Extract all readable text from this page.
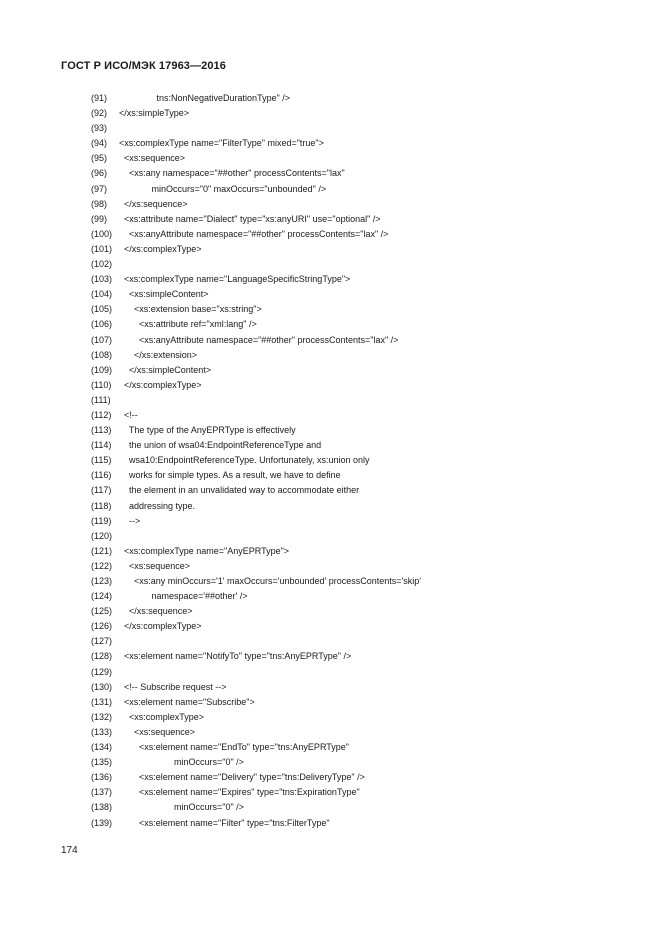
ГОСТ Р ИСО/МЭК 17963—2016
(91) tns:NonNegativeDurationType" />
(92) </xs:simpleType>
(93)
(94) <xs:complexType name="FilterType" mixed="true">
(95) <xs:sequence>
(96) <xs:any namespace="##other" processContents="lax"
(97) minOccurs="0" maxOccurs="unbounded" />
(98) </xs:sequence>
(99) <xs:attribute name="Dialect" type="xs:anyURI" use="optional" />
(100) <xs:anyAttribute namespace="##other" processContents="lax" />
(101) </xs:complexType>
(102)
(103) <xs:complexType name="LanguageSpecificStringType">
(104) <xs:simpleContent>
(105) <xs:extension base="xs:string">
(106) <xs:attribute ref="xml:lang" />
(107) <xs:anyAttribute namespace="##other" processContents="lax" />
(108) </xs:extension>
(109) </xs:simpleContent>
(110) </xs:complexType>
(111)
(112) <!--
(113) The type of the AnyEPRType is effectively
(114) the union of wsa04:EndpointReferenceType and
(115) wsa10:EndpointReferenceType. Unfortunately, xs:union only
(116) works for simple types. As a result, we have to define
(117) the element in an unvalidated way to accommodate either
(118) addressing type.
(119) -->
(120)
(121) <xs:complexType name="AnyEPRType">
(122) <xs:sequence>
(123) <xs:any minOccurs='1' maxOccurs='unbounded' processContents='skip'
(124) namespace='##other' />
(125) </xs:sequence>
(126) </xs:complexType>
(127)
(128) <xs:element name="NotifyTo" type="tns:AnyEPRType" />
(129)
(130) <!-- Subscribe request -->
(131) <xs:element name="Subscribe">
(132) <xs:complexType>
(133) <xs:sequence>
(134) <xs:element name="EndTo" type="tns:AnyEPRType"
(135) minOccurs="0" />
(136) <xs:element name="Delivery" type="tns:DeliveryType" />
(137) <xs:element name="Expires" type="tns:ExpirationType"
(138) minOccurs="0" />
(139) <xs:element name="Filter" type="tns:FilterType"
174
